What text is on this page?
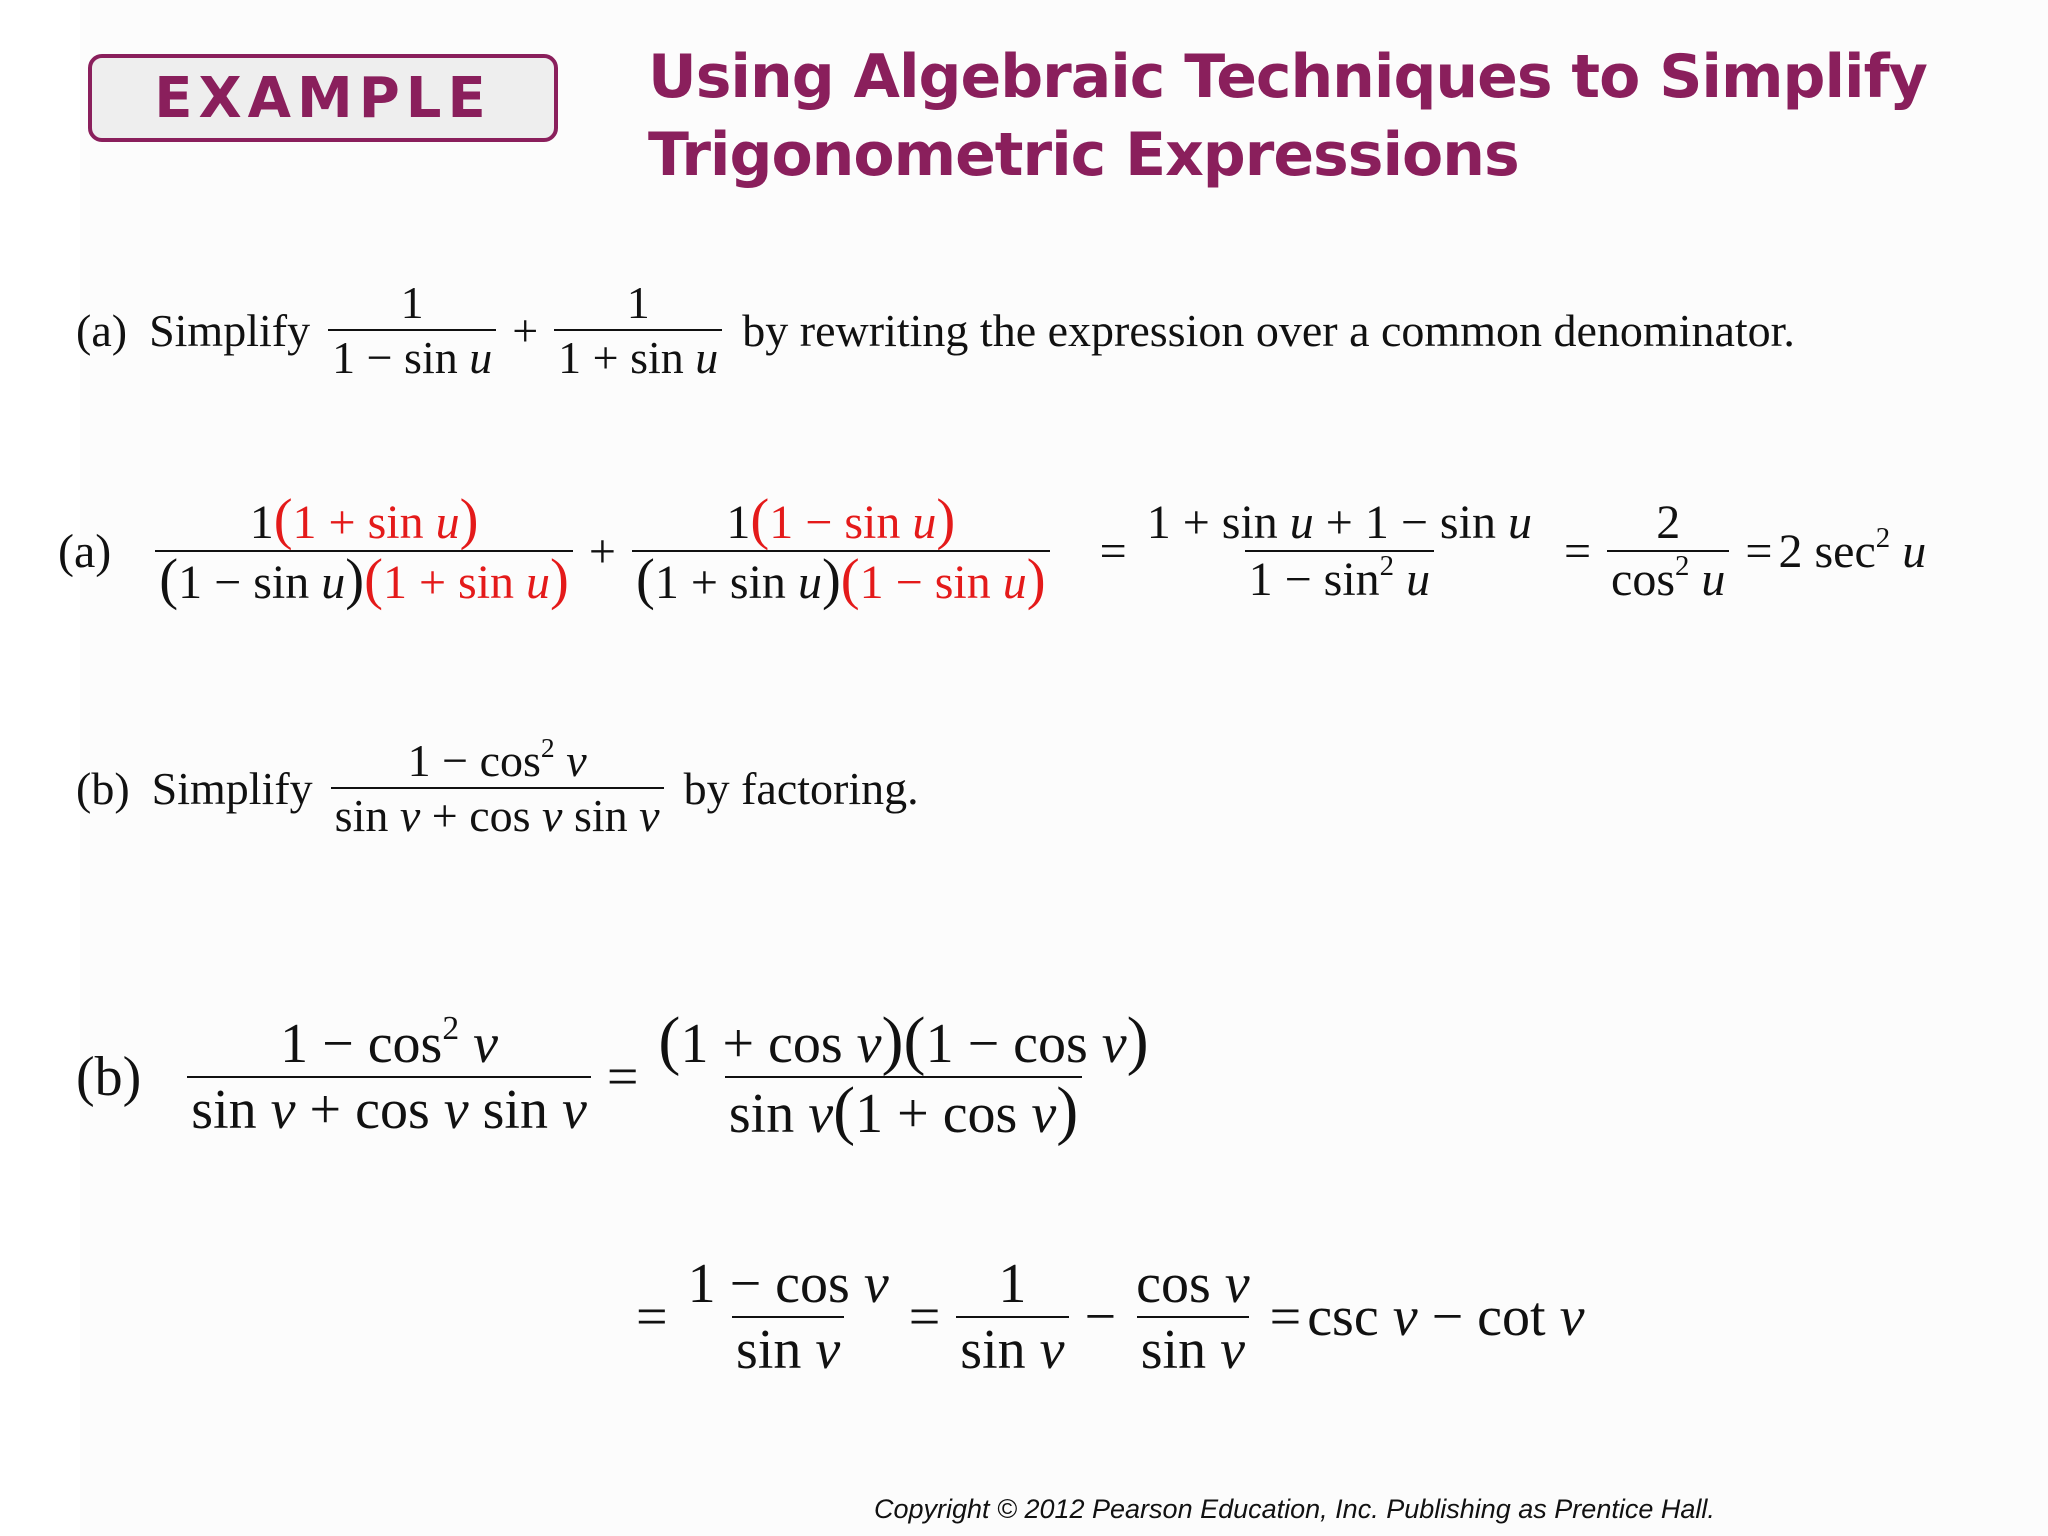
EXAMPLE	Using Algebraic Techniques to Simplify
Trigonometric Expressions
(a) Simplify
1
1 − sin u
+ $\frac{1}{\text{1 + sin u}}$ by rewriting the expression over a common denominator.
(a)
1(1 + sin u)
$(1 - \sin u)(1 + \sin u) + \frac{\text{1(1 − sin u)}}{\text{(1 + sin u)(1 − sin u)}} = \frac{\text{1 + sin u + 1 − sin u}}{1 - \sin^2 u} = \frac{2}{\cos^2 u} = 2$ $\sec^2 u$
(b) Simplify
$1 - \cos^2 v$
sin v + cos v sin v
by factoring.
$(b) \frac{1 - \cos^2 v}{\text{sin v + cos v sin v}} = \frac{\text{(1 + cos v)(1 − cos v)}}{\text{sin v(1 + cos v)}}$
= $\frac{\text{1 − cos v}}{\text{sin v}} = \frac{1}{\text{sin v}} - \frac{\text{cos v}}{\text{sin v}} = \csc v - \cot v$
Copyright © 2012 Pearson Education, Inc. Publishing as Prentice Hall.
